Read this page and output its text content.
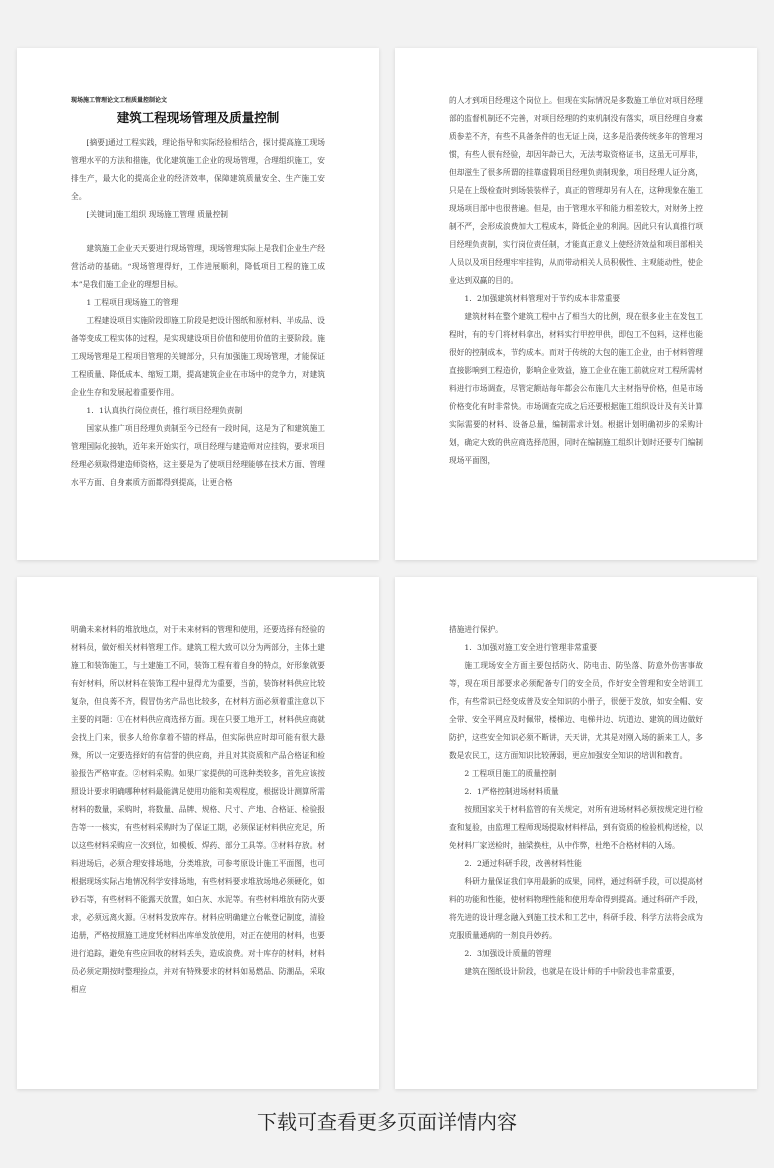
现场施工管理论文工程质量控制论文

建筑工程现场管理及质量控制

[摘要]通过工程实践，理论指导和实际经验相结合，探讨提高施工现场管理水平的方法和措施，优化建筑施工企业的现场管理，合理组织施工，安排生产，最大化的提高企业的经济效率，保障建筑质量安全、生产施工安全。

[关键词]施工组织 现场施工管理 质量控制

建筑施工企业天天要进行现场管理，现场管理实际上是我们企业生产经营活动的基础。“现场管理得好，工作进展顺利，降低项目工程的施工成本”是我们施工企业的理想目标。

1 工程项目现场施工的管理

工程建设项目实施阶段即施工阶段是把设计图纸和原材料、半成品、设备等变成工程实体的过程，是实现建设项目价值和使用价值的主要阶段。施工现场管理是工程项目管理的关键部分，只有加强施工现场管理，才能保证工程质量、降低成本、缩短工期，提高建筑企业在市场中的竞争力，对建筑企业生存和发展起着重要作用。

1．1认真执行岗位责任，推行项目经理负责制

国家从推广项目经理负责制至今已经有一段时间，这是为了和建筑施工管理国际化接轨，近年来开始实行，项目经理与建造师对应挂钩，要求项目经理必须取得建造师资格，这主要是为了使项目经理能够在技术方面、管理水平方面、自身素质方面都得到提高，让更合格

的人才到项目经理这个岗位上。但现在实际情况是多数施工单位对项目经理部的监督机制还不完善，对项目经理的约束机制没有落实，项目经理自身素质参差不齐，有些不具备条件的也无证上岗，这多是沿袭传统多年的管理习惯，有些人很有经验，却因年龄已大，无法考取资格证书，这虽无可厚非，但却滋生了很多所谓的挂靠虚假项目经理负责制现象，项目经理人证分离，只是在上级检查时到场装装样子，真正的管理却另有人在，这种现象在施工现场项目部中也很普遍。但是，由于管理水平和能力相差较大，对财务上控制不严，会形成浪费加大工程成本，降低企业的利润。因此只有认真推行项目经理负责制，实行岗位责任制，才能真正意义上使经济效益和项目部相关人员以及项目经理牢牢挂钩，从而带动相关人员积极性、主观能动性，使企业达到双赢的目的。

1．2加强建筑材料管理对于节约成本非常重要

建筑材料在整个建筑工程中占了相当大的比例，现在很多业主在发包工程时，有的专门将材料拿出，材料实行甲控甲供，即包工不包料，这样也能很好的控制成本，节约成本。而对于传统的大包的施工企业，由于材料管理直接影响到工程造价，影响企业效益，施工企业在施工前就应对工程所需材料进行市场调查，尽管定额站每年都会公布施几大主材指导价格，但是市场价格变化有时非常快。市场调查完成之后还要根据施工组织设计及有关计算实际需要的材料、设备总量，编制需求计划。根据计划明确初步的采购计划，确定大致的供应商选择范围，同时在编制施工组织计划时还要专门编制现场平面图，

明确未来材料的堆放地点，对于未来材料的管理和使用，还要选择有经验的材料员，做好相关材料管理工作。建筑工程大致可以分为两部分，主体土建施工和装饰施工，与土建施工不同，装饰工程有着自身的特点，好形象就要有好材料，所以材料在装饰工程中显得尤为重要，当前，装饰材料供应比较复杂，但良莠不齐，假冒伪劣产品也比较多，在材料方面必须着重注意以下主要的问题：①在材料供应商选择方面。现在只要工地开工，材料供应商就会找上门来，很多人给你拿着不错的样品，但实际供应时却可能有很大悬殊，所以一定要选择好的有信誉的供应商，并且对其资质和产品合格证和检验报告严格审查。②材料采购。如果厂家提供的可选种类较多，首先应该按照设计要求明确哪种材料最能满足使用功能和美观程度，根据设计测算所需材料的数量，采购时，将数量、品牌、规格、尺寸、产地、合格证、检验报告等一一核实，有些材料采购时为了保证工期，必须保证材料供应充足，所以这些材料采购应一次到位，如模板、焊药、部分工具等。③材料存放。材料进场后，必须合理安排场地，分类堆放，可参考原设计施工平面图，也可根据现场实际占地情况科学安排场地，有些材料要求堆放场地必须硬化，如砂石等，有些材料不能露天放置，如白灰、水泥等。有些材料堆放有防火要求，必须远离火源。④材料发放库存。材料应明确建立台帐登记制度，清验追册，严格按照施工进度凭材料出库单发放使用，对正在使用的材料，也要进行追踪，避免有些应回收的材料丢失，造成浪费。对十库存的材料，材料员必须定期按时整理捡点，并对有特殊要求的材料如易燃品、防潮品，采取相应

措施进行保护。

1．3加强对施工安全进行管理非常重要

施工现场安全方面主要包括防火、防电击、防坠落、防意外伤害事故等，现在项目部要求必须配备专门的安全员，作好安全管理和安全培训工作，有些常识已经变成普及安全知识的小册子，很便于发放，如安全帽、安全带、安全平网应及时佩带，楼梯边、电梯井边、坑道边、建筑的周边做好防护，这些安全知识必须不断讲，天天讲，尤其是对刚入场的新来工人，多数是农民工，这方面知识比较薄弱，更应加强安全知识的培训和教育。

2 工程项目施工的质量控制

2．1严格控制进场材料质量

按照国家关于材料监管的有关规定，对所有进场材料必须按规定进行检查和复验，由监理工程师现场提取材料样品，到有资质的检验机构送检，以免材料厂家送检时，抽梁换柱，从中作弊，杜绝不合格材料的入场。

2．2通过科研手段，改善材料性能

科研力量保证我们享用最新的成果，同样，通过科研手段，可以提高材料的功能和性能，使材料物理性能和使用寿命得到提高。通过科研产手段，将先进的设计理念融入到施工技术和工艺中，科研手段、科学方法将会成为克服质量通病的一剂良丹妙药。

2．3加强设计质量的管理

建筑在图纸设计阶段，也就是在设计师的手中阶段也非常重要，

下载可查看更多页面详情内容
